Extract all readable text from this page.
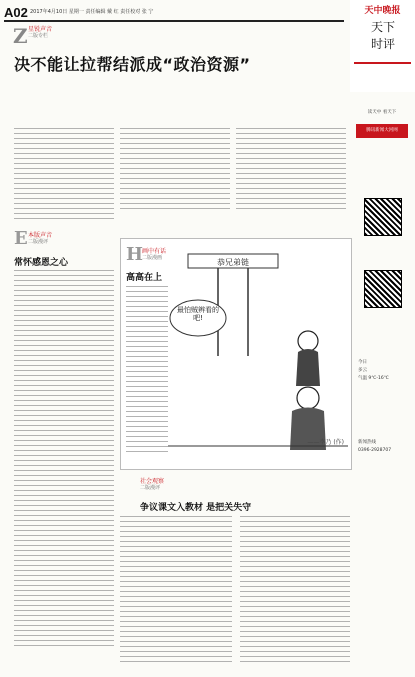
A02 2017年4月10日 星期一 责任编辑 戴 红 责任校对 张 宁	天中晚报
天下
时评
Z 星锐声音
二版专栏
决不能让拉帮结派成“政治资源”
E 本版声音
二版漫评
常怀感恩之心	H
画中有话
二版漫画
高高在上
恭兄弟链
最怕贼辨看的吧!
——李乃 (作)
社会观察
二版漫评
争议课文入教材 是把关失守
读天中 看天下
腾讯新闻大河网
今日
多云
气温 9℃-16℃
新闻热线
0396-2928707
